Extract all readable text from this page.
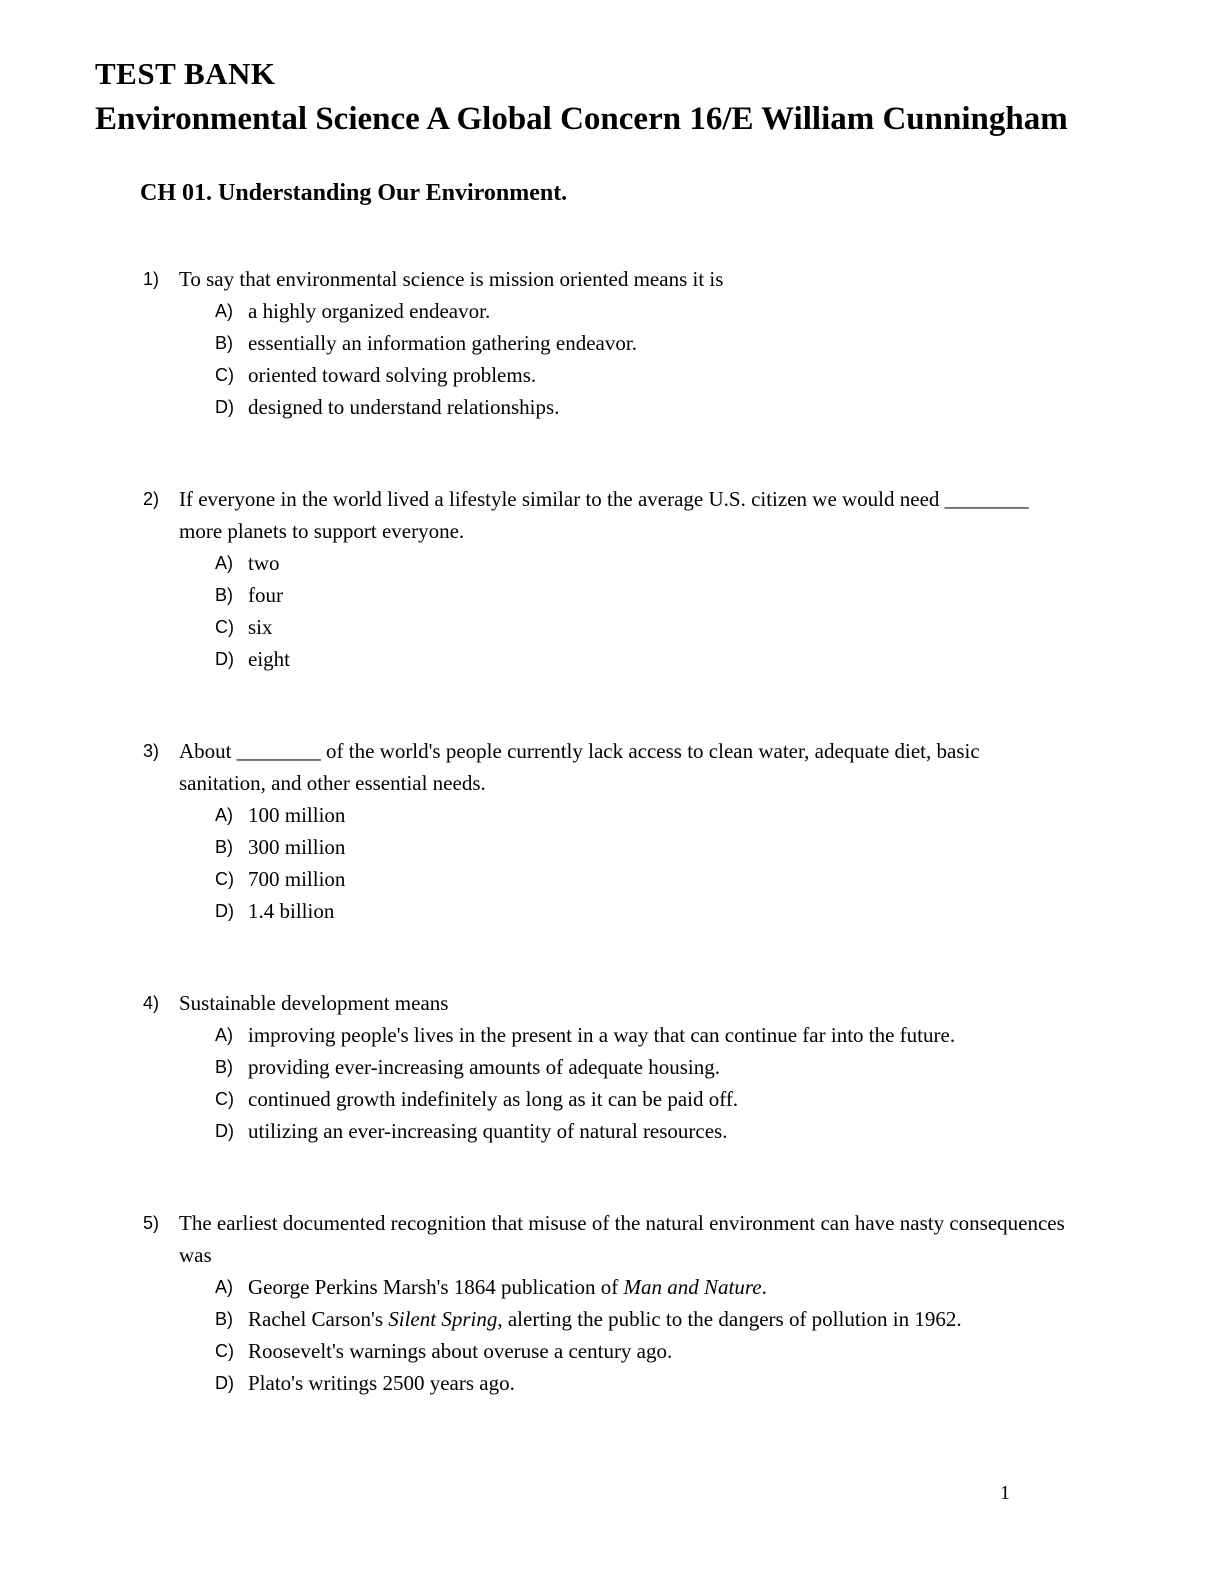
TEST BANK
Environmental Science A Global Concern 16/E William Cunningham
CH 01. Understanding Our Environment.
1) To say that environmental science is mission oriented means it is
A) a highly organized endeavor.
B) essentially an information gathering endeavor.
C) oriented toward solving problems.
D) designed to understand relationships.
2) If everyone in the world lived a lifestyle similar to the average U.S. citizen we would need ________ more planets to support everyone.
A) two
B) four
C) six
D) eight
3) About ________ of the world's people currently lack access to clean water, adequate diet, basic sanitation, and other essential needs.
A) 100 million
B) 300 million
C) 700 million
D) 1.4 billion
4) Sustainable development means
A) improving people's lives in the present in a way that can continue far into the future.
B) providing ever-increasing amounts of adequate housing.
C) continued growth indefinitely as long as it can be paid off.
D) utilizing an ever-increasing quantity of natural resources.
5) The earliest documented recognition that misuse of the natural environment can have nasty consequences was
A) George Perkins Marsh's 1864 publication of Man and Nature.
B) Rachel Carson's Silent Spring, alerting the public to the dangers of pollution in 1962.
C) Roosevelt's warnings about overuse a century ago.
D) Plato's writings 2500 years ago.
1
